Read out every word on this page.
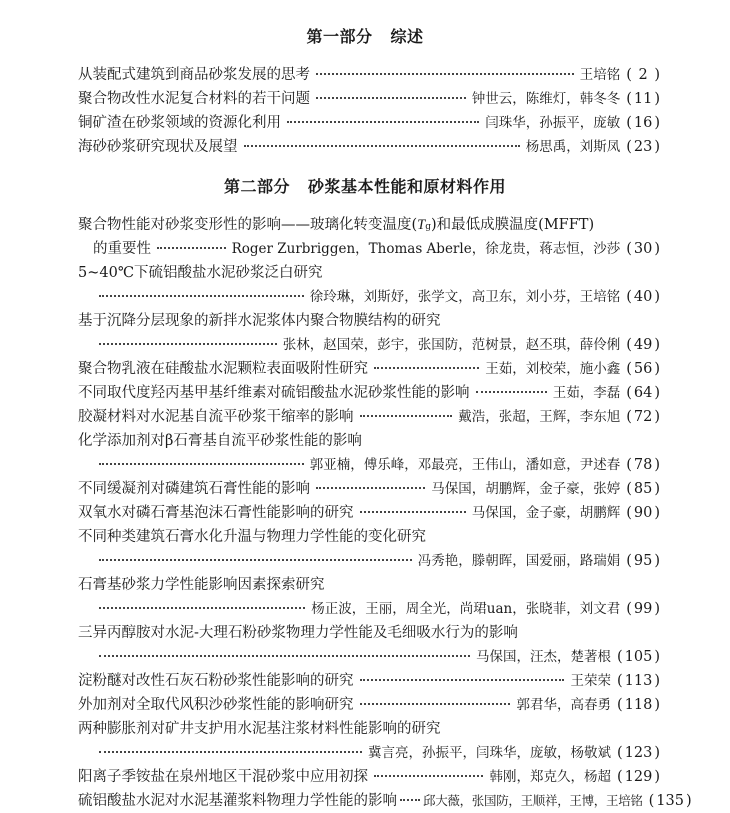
第一部分 综述
从装配式建筑到商品砂浆发展的思考	王培铭 ( 2 )
聚合物改性水泥复合材料的若干问题	钟世云，陈维灯，韩冬冬 ( 11 )
铜矿渣在砂浆领域的资源化利用	闫珠华，孙振平，庞敏 ( 16 )
海砂砂浆研究现状及展望	杨思禹，刘斯凤 ( 23 )
第二部分 砂浆基本性能和原材料作用
聚合物性能对砂浆变形性的影响——玻璃化转变温度( T g )和最低成膜温度(MFFT)
的重要性	Roger Zurbriggen，Thomas Aberle，徐龙贵，蒋志恒，沙莎 ( 30 )
5~40℃下硫铝酸盐水泥砂浆泛白研究
徐玲琳，刘斯妤，张学文，高卫东，刘小芬，王培铭 ( 40 )
基于沉降分层现象的新拌水泥浆体内聚合物膜结构的研究
张林，赵国荣，彭宇，张国防，范树景，赵丕琪，薛伶俐 ( 49 )
聚合物乳液在硅酸盐水泥颗粒表面吸附性研究	王茹，刘校荣，施小鑫 ( 56 )
不同取代度羟丙基甲基纤维素对硫铝酸盐水泥砂浆性能的影响	王茹，李磊 ( 64 )
胶凝材料对水泥基自流平砂浆干缩率的影响	戴浩，张超，王辉，李东旭 ( 72 )
化学添加剂对β石膏基自流平砂浆性能的影响
郭亚楠，傅乐峰，邓最亮，王伟山，潘如意，尹述春 ( 78 )
不同缓凝剂对磷建筑石膏性能的影响	马保国，胡鹏辉，金子豪，张婷 ( 85 )
双氧水对磷石膏基泡沫石膏性能影响的研究	马保国，金子豪，胡鹏辉 ( 90 )
不同种类建筑石膏水化升温与物理力学性能的变化研究
冯秀艳，滕朝晖，国爱丽，路瑞娟 ( 95 )
石膏基砂浆力学性能影响因素探索研究
杨正波，王丽，周全光，尚珺uan，张晓菲，刘文君 ( 99 )
三异丙醇胺对水泥-大理石粉砂浆物理力学性能及毛细吸水行为的影响
马保国，汪杰，楚著根 ( 105 )
淀粉醚对改性石灰石粉砂浆性能影响的研究	王荣荣 ( 113 )
外加剂对全取代风积沙砂浆性能的影响研究	郭君华，高春勇 ( 118 )
两种膨胀剂对矿井支护用水泥基注浆材料性能影响的研究
冀言亮，孙振平，闫珠华，庞敏，杨敬斌 ( 123 )
阳离子季铵盐在泉州地区干混砂浆中应用初探	韩刚，郑克久，杨超 ( 129 )
硫铝酸盐水泥对水泥基灌浆料物理力学性能的影响 邱大薇，张国防，王顺祥，王博，王培铭 ( 135 )
